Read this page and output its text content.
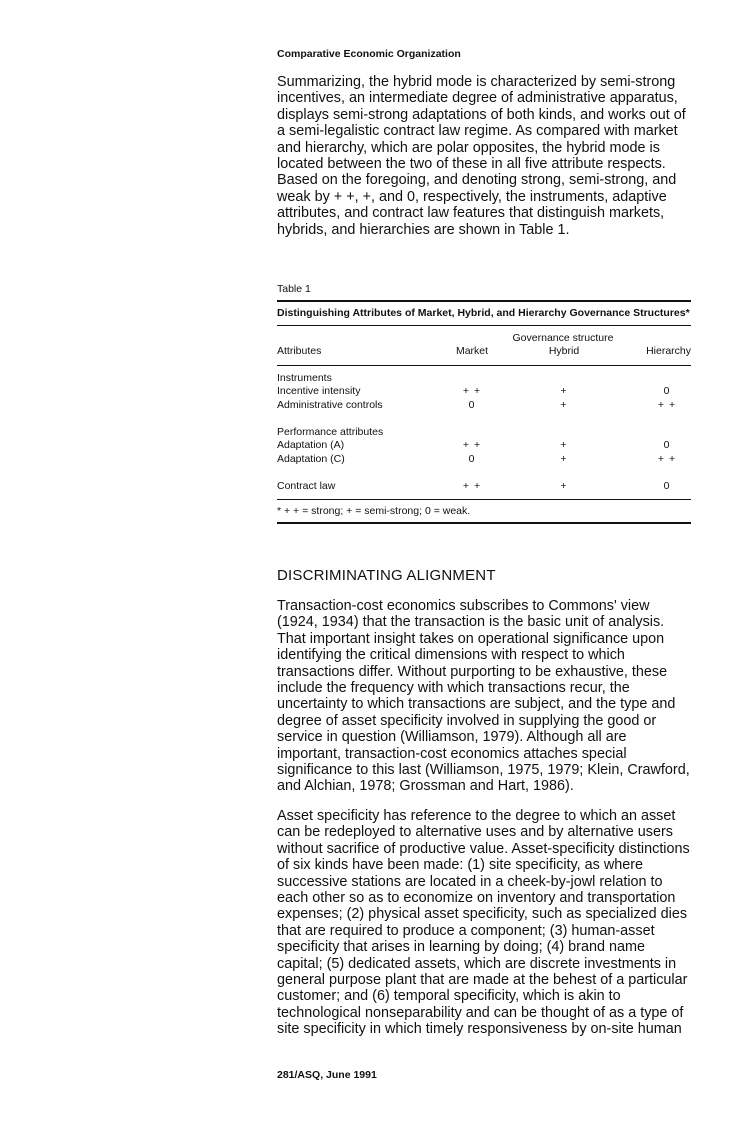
Comparative Economic Organization

Summarizing, the hybrid mode is characterized by semi-strong incentives, an intermediate degree of administrative apparatus, displays semi-strong adaptations of both kinds, and works out of a semi-legalistic contract law regime. As compared with market and hierarchy, which are polar opposites, the hybrid mode is located between the two of these in all five attribute respects. Based on the foregoing, and denoting strong, semi-strong, and weak by + +, +, and 0, respectively, the instruments, adaptive attributes, and contract law features that distinguish markets, hybrids, and hierarchies are shown in Table 1.

Table 1
Distinguishing Attributes of Market, Hybrid, and Hierarchy Governance Structures*

	Governance structure		
Attributes	Market	Hybrid	Hierarchy

Instruments			
Incentive intensity	+ +	+	0
Administrative controls	0	+	+ +

Performance attributes			
Adaptation (A)	+ +	+	0
Adaptation (C)	0	+	+ +

Contract law	+ +	+	0

* + + = strong; + = semi-strong; 0 = weak.
DISCRIMINATING ALIGNMENT

Transaction-cost economics subscribes to Commons' view (1924, 1934) that the transaction is the basic unit of analysis. That important insight takes on operational significance upon identifying the critical dimensions with respect to which transactions differ. Without purporting to be exhaustive, these include the frequency with which transactions recur, the uncertainty to which transactions are subject, and the type and degree of asset specificity involved in supplying the good or service in question (Williamson, 1979). Although all are important, transaction-cost economics attaches special significance to this last (Williamson, 1975, 1979; Klein, Crawford, and Alchian, 1978; Grossman and Hart, 1986).

Asset specificity has reference to the degree to which an asset can be redeployed to alternative uses and by alternative users without sacrifice of productive value. Asset-specificity distinctions of six kinds have been made: (1) site specificity, as where successive stations are located in a cheek-by-jowl relation to each other so as to economize on inventory and transportation expenses; (2) physical asset specificity, such as specialized dies that are required to produce a component; (3) human-asset specificity that arises in learning by doing; (4) brand name capital; (5) dedicated assets, which are discrete investments in general purpose plant that are made at the behest of a particular customer; and (6) temporal specificity, which is akin to technological nonseparability and can be thought of as a type of site specificity in which timely responsiveness by on-site human

281/ASQ, June 1991
